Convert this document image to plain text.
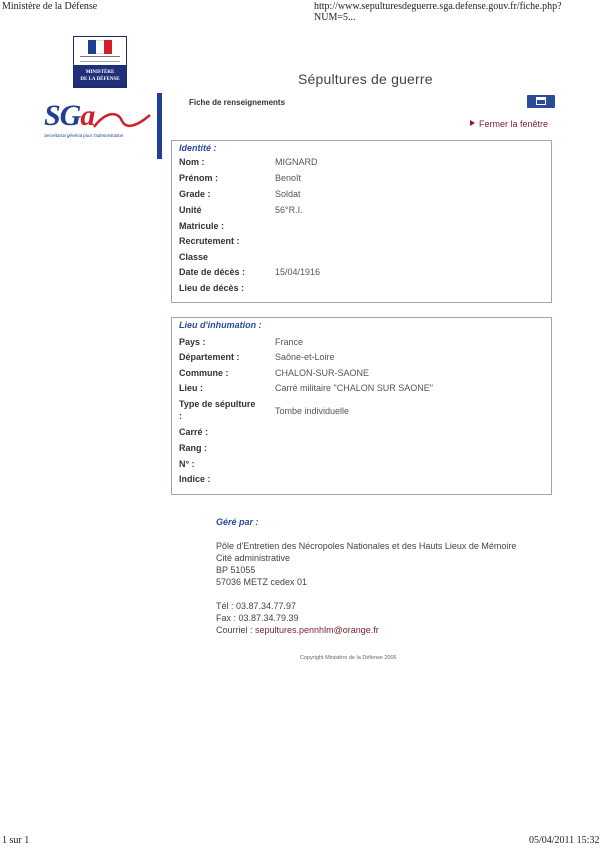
Ministère de la Défense	http://www.sepulturesdeguerre.sga.defense.gouv.fr/fiche.php?NUM=5...
MINISTÈRE
DE LA DÉFENSE	Sépultures de guerre
SGa
Secrétariat général pour l'administration
Fiche de renseignements
Fermer la fenêtre
Identité :
Nom :	MIGNARD
Prénom :	Benoît
Grade :	Soldat
Unité	56°R.I.
Matricule :
Recrutement :
Classe
Date de décès :	15/04/1916
Lieu de décès :
Lieu d'inhumation :
Pays :	France
Département :	Saône-et-Loire
Commune :	CHALON-SUR-SAONE
Lieu :	Carré militaire "CHALON SUR SAONE"
Type de sépulture
:	Tombe individuelle
Carré :
Rang :
N° :
Indice :
Géré par :
Pôle d'Entretien des Nécropoles Nationales et des Hauts Lieux de Mémoire
Cité administrative
BP 51055
57036 METZ cedex 01
Tél : 03.87.34.77.97
Fax : 03.87.34.79.39
Courriel : sepultures.pennhlm@orange.fr
Copyright Ministère de la Défense 2006
1 sur 1	05/04/2011 15:32
